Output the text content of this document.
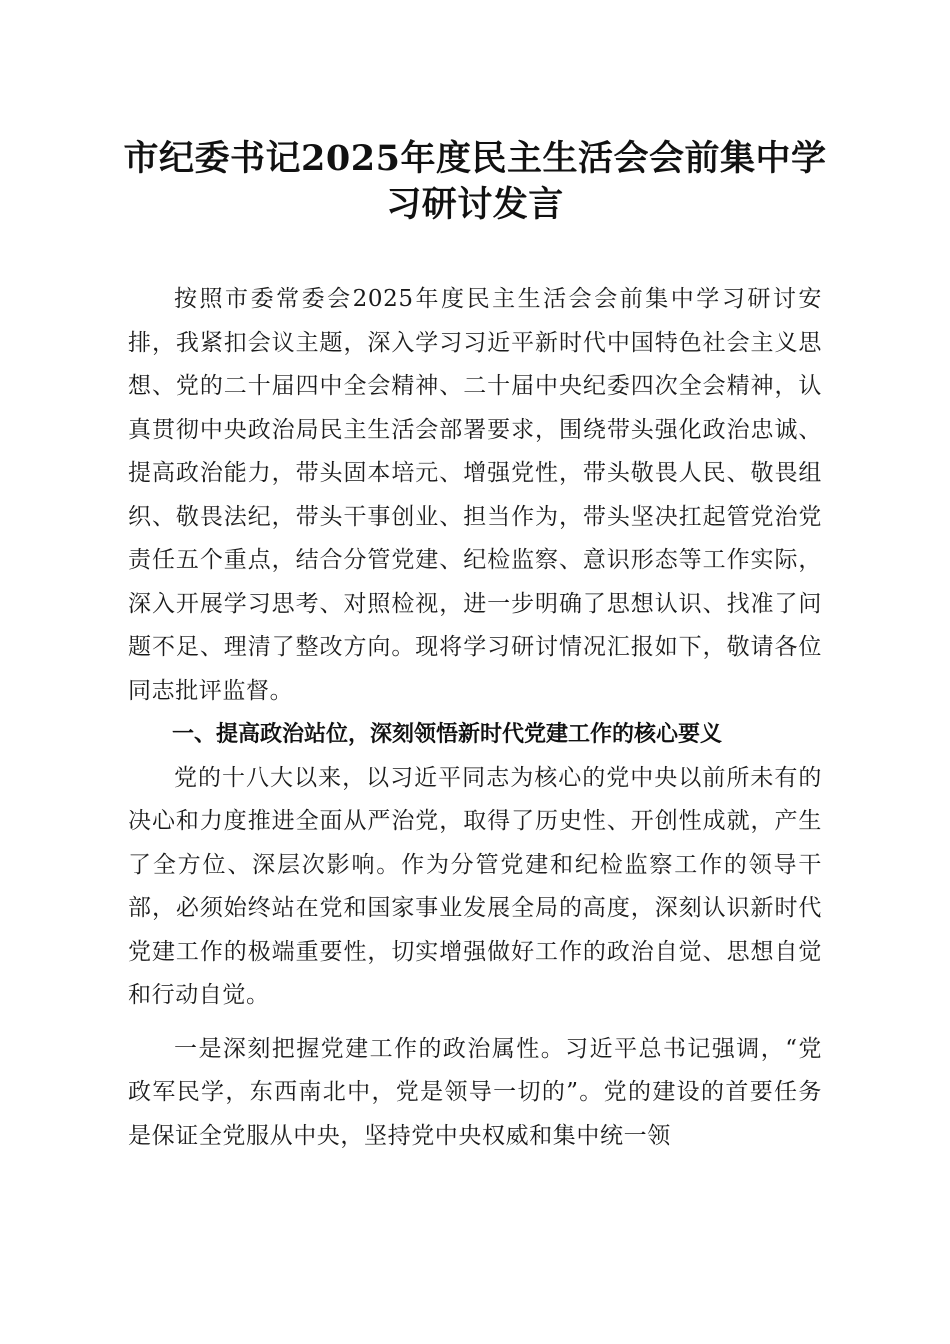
市纪委书记2025年度民主生活会会前集中学习研讨发言

按照市委常委会2025年度民主生活会会前集中学习研讨安排，我紧扣会议主题，深入学习习近平新时代中国特色社会主义思想、党的二十届四中全会精神、二十届中央纪委四次全会精神，认真贯彻中央政治局民主生活会部署要求，围绕带头强化政治忠诚、提高政治能力，带头固本培元、增强党性，带头敬畏人民、敬畏组织、敬畏法纪，带头干事创业、担当作为，带头坚决扛起管党治党责任五个重点，结合分管党建、纪检监察、意识形态等工作实际，深入开展学习思考、对照检视，进一步明确了思想认识、找准了问题不足、理清了整改方向。现将学习研讨情况汇报如下，敬请各位同志批评监督。

一、提高政治站位，深刻领悟新时代党建工作的核心要义

党的十八大以来，以习近平同志为核心的党中央以前所未有的决心和力度推进全面从严治党，取得了历史性、开创性成就，产生了全方位、深层次影响。作为分管党建和纪检监察工作的领导干部，必须始终站在党和国家事业发展全局的高度，深刻认识新时代党建工作的极端重要性，切实增强做好工作的政治自觉、思想自觉和行动自觉。

一是深刻把握党建工作的政治属性。习近平总书记强调，“党政军民学，东西南北中，党是领导一切的”。党的建设的首要任务是保证全党服从中央，坚持党中央权威和集中统一领
